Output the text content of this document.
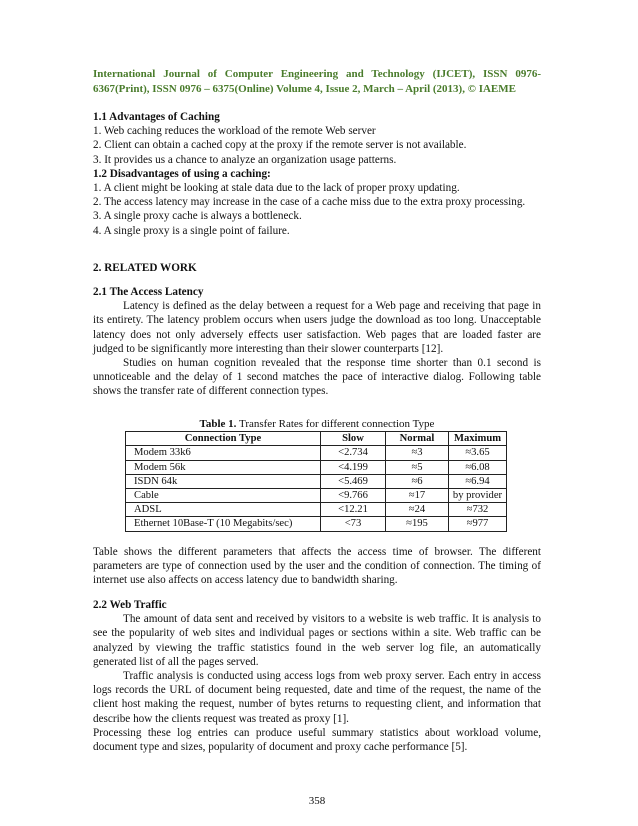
International Journal of Computer Engineering and Technology (IJCET), ISSN 0976-6367(Print), ISSN 0976 – 6375(Online) Volume 4, Issue 2, March – April (2013), © IAEME

1.1 Advantages of Caching

1. Web caching reduces the workload of the remote Web server

2. Client can obtain a cached copy at the proxy if the remote server is not available.

3. It provides us a chance to analyze an organization usage patterns.

1.2 Disadvantages of using a caching:

1. A client might be looking at stale data due to the lack of proper proxy updating.

2. The access latency may increase in the case of a cache miss due to the extra proxy processing.

3. A single proxy cache is always a bottleneck.

4. A single proxy is a single point of failure.

2. RELATED WORK

2.1 The Access Latency

Latency is defined as the delay between a request for a Web page and receiving that page in its entirety. The latency problem occurs when users judge the download as too long. Unacceptable latency does not only adversely effects user satisfaction. Web pages that are loaded faster are judged to be significantly more interesting than their slower counterparts [12].

Studies on human cognition revealed that the response time shorter than 0.1 second is unnoticeable and the delay of 1 second matches the pace of interactive dialog. Following table shows the transfer rate of different connection types.

Table 1. Transfer Rates for different connection Type

Connection Type	Slow	Normal	Maximum
Modem 33k6	<2.734	≈3	≈3.65
Modem 56k	<4.199	≈5	≈6.08
ISDN 64k	<5.469	≈6	≈6.94
Cable	<9.766	≈17	by provider
ADSL	<12.21	≈24	≈732
Ethernet 10Base-T (10 Megabits/sec)	<73	≈195	≈977

Table shows the different parameters that affects the access time of browser. The different parameters are type of connection used by the user and the condition of connection. The timing of internet use also affects on access latency due to bandwidth sharing.

2.2 Web Traffic

The amount of data sent and received by visitors to a website is web traffic. It is analysis to see the popularity of web sites and individual pages or sections within a site. Web traffic can be analyzed by viewing the traffic statistics found in the web server log file, an automatically generated list of all the pages served.

Traffic analysis is conducted using access logs from web proxy server. Each entry in access logs records the URL of document being requested, date and time of the request, the name of the client host making the request, number of bytes returns to requesting client, and information that describe how the clients request was treated as proxy [1].

Processing these log entries can produce useful summary statistics about workload volume, document type and sizes, popularity of document and proxy cache performance [5].

358
